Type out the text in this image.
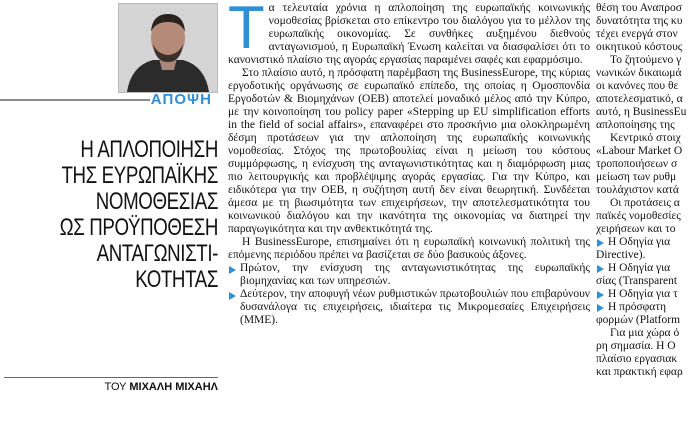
ΑΠΟΨΗ
Η ΑΠΛΟΠΟΙΗΣΗ
ΤΗΣ ΕΥΡΩΠΑΪΚΗΣ
ΝΟΜΟΘΕΣΙΑΣ
ΩΣ ΠΡΟΫΠΟΘΕΣΗ
ΑΝΤΑΓΩΝΙΣΤΙ-
ΚΟΤΗΤΑΣ
ΤΟΥ ΜΙΧΑΛΗ ΜΙΧΑΗΛ

Τα τελευταία χρόνια η απλοποίηση της ευρωπαϊκής κοινωνικής νομοθεσίας βρίσκεται στο επίκεντρο του διαλόγου για το μέλλον της ευρωπαϊκής οικονομίας. Σε συνθήκες αυξημένου διεθνούς ανταγωνισμού, η Ευρωπαϊκή Ένωση καλείται να διασφαλίσει ότι το κανονιστικό πλαίσιο της αγοράς εργασίας παραμένει σαφές και εφαρμόσιμο.

Στο πλαίσιο αυτό, η πρόσφατη παρέμβαση της BusinessEurope, της κύριας εργοδοτικής οργάνωσης σε ευρωπαϊκό επίπεδο, της οποίας η Ομοσπονδία Εργοδοτών & Βιομηχάνων (ΟΕΒ) αποτελεί μοναδικό μέλος από την Κύπρο, με την κοινοποίηση του policy paper «Stepping up EU simplification efforts in the field of social affairs», επαναφέρει στο προσκήνιο μια ολοκληρωμένη δέσμη προτάσεων για την απλοποίηση της ευρωπαϊκής κοινωνικής νομοθεσίας. Στόχος της πρωτοβουλίας είναι η μείωση του κόστους συμμόρφωσης, η ενίσχυση της ανταγωνιστικότητας και η διαμόρφωση μιας πιο λειτουργικής και προβλέψιμης αγοράς εργασίας. Για την Κύπρο, και ειδικότερα για την ΟΕΒ, η συζήτηση αυτή δεν είναι θεωρητική. Συνδέεται άμεσα με τη βιωσιμότητα των επιχειρήσεων, την αποτελεσματικότητα του κοινωνικού διαλόγου και την ικανότητα της οικονομίας να διατηρεί την παραγωγικότητα και την ανθεκτικότητά της.

Η BusinessEurope, επισημαίνει ότι η ευρωπαϊκή κοινωνική πολιτική της επόμενης περιόδου πρέπει να βασίζεται σε δύο βασικούς άξονες.

Πρώτον, την ενίσχυση της ανταγωνιστικότητας της ευρωπαϊκής βιομηχανίας και των υπηρεσιών.

Δεύτερον, την αποφυγή νέων ρυθμιστικών πρωτοβουλιών που επιβαρύνουν δυσανάλογα τις επιχειρήσεις, ιδιαίτερα τις Μικρομεσαίες Επιχειρήσεις (ΜΜΕ).

θέση του Αναπροσ
δυνατότητα της κυ
τέχει ενεργά στον
οικητικού κόστους
Το ζητούμενο γ
νωνικών δικαιωμά
οι κανόνες που θε
αποτελεσματικό, α
αυτό, η BusinessEu
απλοποίησης της
Κεντρικό στοιχ
«Labour Market O
τροποποιήσεων σ
μείωση των ρυθμ
τουλάχιστον κατά
Οι προτάσεις α
παϊκές νομοθεσίες
χειρήσεων και το
Η Οδηγία για
Directive).
Η Οδηγία για
σίας (Transparent
Η Οδηγία για τ
Η πρόσφατη
φορμών (Platform
Για μια χώρα ό
ρη σημασία. Η Ο
πλαίσιο εργασιακ
και πρακτική εφαρ
